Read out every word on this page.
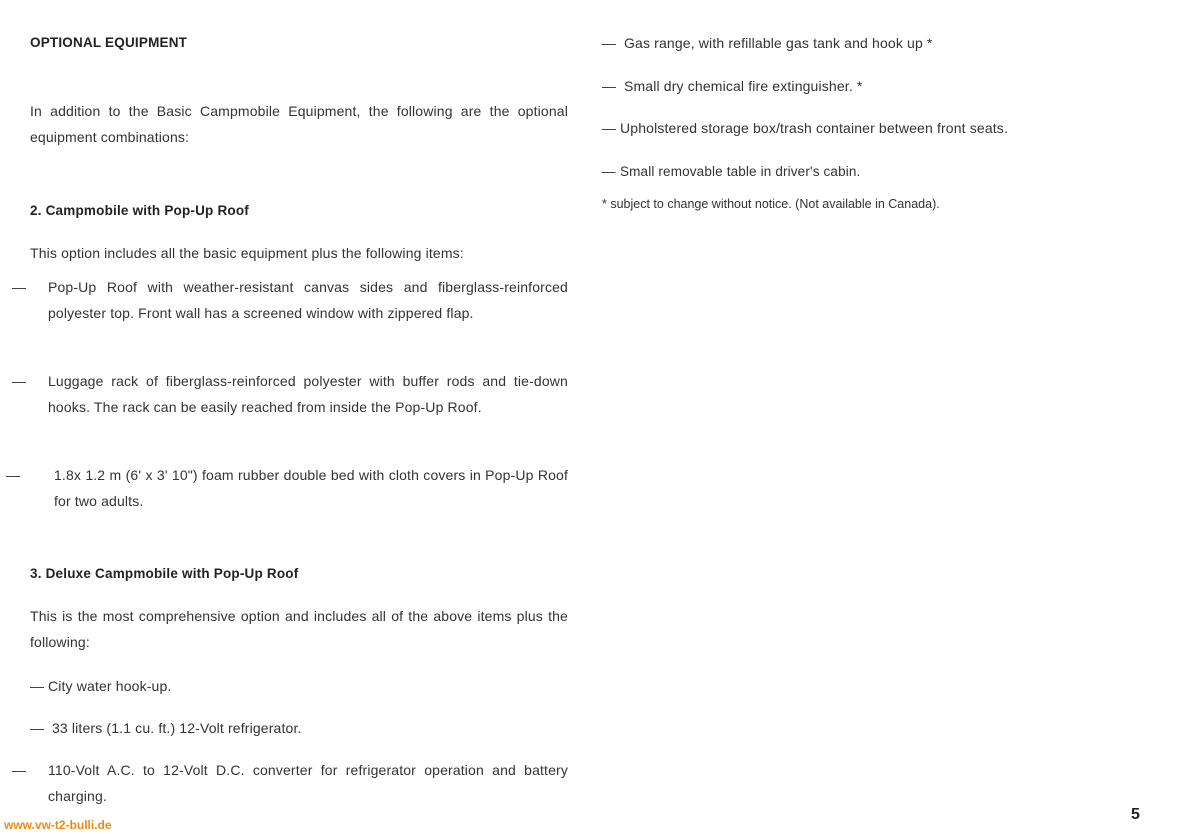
OPTIONAL EQUIPMENT
In addition to the Basic Campmobile Equipment, the following are the optional equipment combinations:
2. Campmobile with Pop-Up Roof
This option includes all the basic equipment plus the following items:
— Pop-Up Roof with weather-resistant canvas sides and fiberglass-reinforced polyester top. Front wall has a screened window with zippered flap.
— Luggage rack of fiberglass-reinforced polyester with buffer rods and tie-down hooks. The rack can be easily reached from inside the Pop-Up Roof.
— 1.8x 1.2 m (6' x 3' 10") foam rubber double bed with cloth covers in Pop-Up Roof for two adults.
3. Deluxe Campmobile with Pop-Up Roof
This is the most comprehensive option and includes all of the above items plus the following:
— City water hook-up.
— 33 liters (1.1 cu. ft.) 12-Volt refrigerator.
— 110-Volt A.C. to 12-Volt D.C. converter for refrigerator operation and battery charging.
— Gas range, with refillable gas tank and hook up *
— Small dry chemical fire extinguisher. *
— Upholstered storage box/trash container between front seats.
— Small removable table in driver's cabin.
* subject to change without notice. (Not available in Canada).
www.vw-t2-bulli.de
5
